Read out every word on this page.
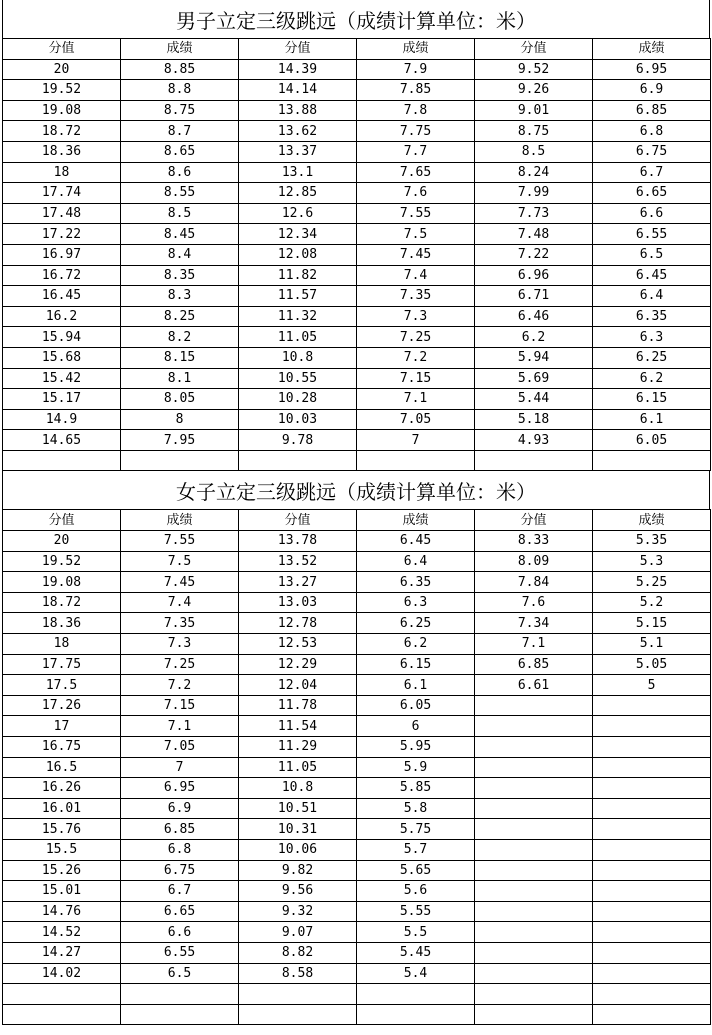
男子立定三级跳远（成绩计算单位：米）
分值	成绩	分值	成绩	分值	成绩
20	8.85	14.39	7.9	9.52	6.95
19.52	8.8	14.14	7.85	9.26	6.9
19.08	8.75	13.88	7.8	9.01	6.85
18.72	8.7	13.62	7.75	8.75	6.8
18.36	8.65	13.37	7.7	8.5	6.75
18	8.6	13.1	7.65	8.24	6.7
17.74	8.55	12.85	7.6	7.99	6.65
17.48	8.5	12.6	7.55	7.73	6.6
17.22	8.45	12.34	7.5	7.48	6.55
16.97	8.4	12.08	7.45	7.22	6.5
16.72	8.35	11.82	7.4	6.96	6.45
16.45	8.3	11.57	7.35	6.71	6.4
16.2	8.25	11.32	7.3	6.46	6.35
15.94	8.2	11.05	7.25	6.2	6.3
15.68	8.15	10.8	7.2	5.94	6.25
15.42	8.1	10.55	7.15	5.69	6.2
15.17	8.05	10.28	7.1	5.44	6.15
14.9	8	10.03	7.05	5.18	6.1
14.65	7.95	9.78	7	4.93	6.05

女子立定三级跳远（成绩计算单位：米）
分值	成绩	分值	成绩	分值	成绩
20	7.55	13.78	6.45	8.33	5.35
19.52	7.5	13.52	6.4	8.09	5.3
19.08	7.45	13.27	6.35	7.84	5.25
18.72	7.4	13.03	6.3	7.6	5.2
18.36	7.35	12.78	6.25	7.34	5.15
18	7.3	12.53	6.2	7.1	5.1
17.75	7.25	12.29	6.15	6.85	5.05
17.5	7.2	12.04	6.1	6.61	5
17.26	7.15	11.78	6.05		
17	7.1	11.54	6		
16.75	7.05	11.29	5.95		
16.5	7	11.05	5.9		
16.26	6.95	10.8	5.85		
16.01	6.9	10.51	5.8		
15.76	6.85	10.31	5.75		
15.5	6.8	10.06	5.7		
15.26	6.75	9.82	5.65		
15.01	6.7	9.56	5.6		
14.76	6.65	9.32	5.55		
14.52	6.6	9.07	5.5		
14.27	6.55	8.82	5.45		
14.02	6.5	8.58	5.4		
